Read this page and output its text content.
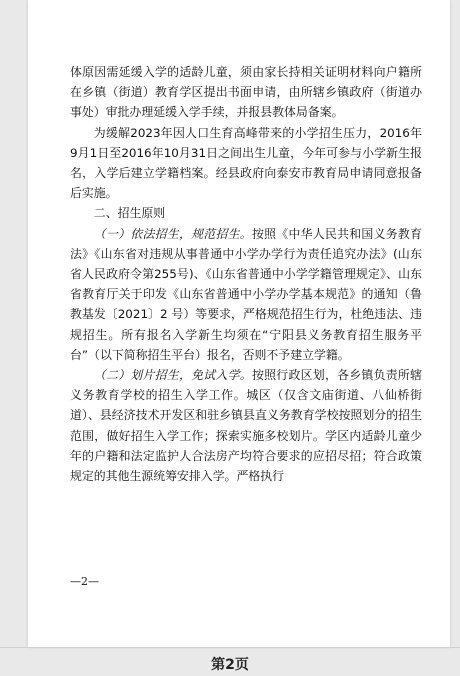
体原因需延缓入学的适龄儿童，须由家长持相关证明材料向户籍所在乡镇（街道）教育学区提出书面申请，由所辖乡镇政府（街道办事处）审批办理延缓入学手续，并报县教体局备案。

为缓解2023年因人口生育高峰带来的小学招生压力，2016年9月1日至2016年10月31日之间出生儿童，今年可参与小学新生报名，入学后建立学籍档案。经县政府向泰安市教育局申请同意报备后实施。

二、招生原则

（一）依法招生，规范招生。按照《中华人民共和国义务教育法》《山东省对违规从事普通中小学办学行为责任追究办法》(山东省人民政府令第255号)、《山东省普通中小学学籍管理规定》、山东省教育厅关于印发《山东省普通中小学办学基本规范》的通知（鲁教基发〔2021〕2 号）等要求，严格规范招生行为，杜绝违法、违规招生。所有报名入学新生均须在“宁阳县义务教育招生服务平台”（以下简称招生平台）报名，否则不予建立学籍。

（二）划片招生，免试入学。按照行政区划，各乡镇负责所辖义务教育学校的招生入学工作。城区（仅含文庙街道、八仙桥街道）、县经济技术开发区和驻乡镇县直义务教育学校按照划分的招生范围，做好招生入学工作；探索实施多校划片。学区内适龄儿童少年的户籍和法定监护人合法房产均符合要求的应招尽招；符合政策规定的其他生源统筹安排入学。严格执行

—2—
第2页
